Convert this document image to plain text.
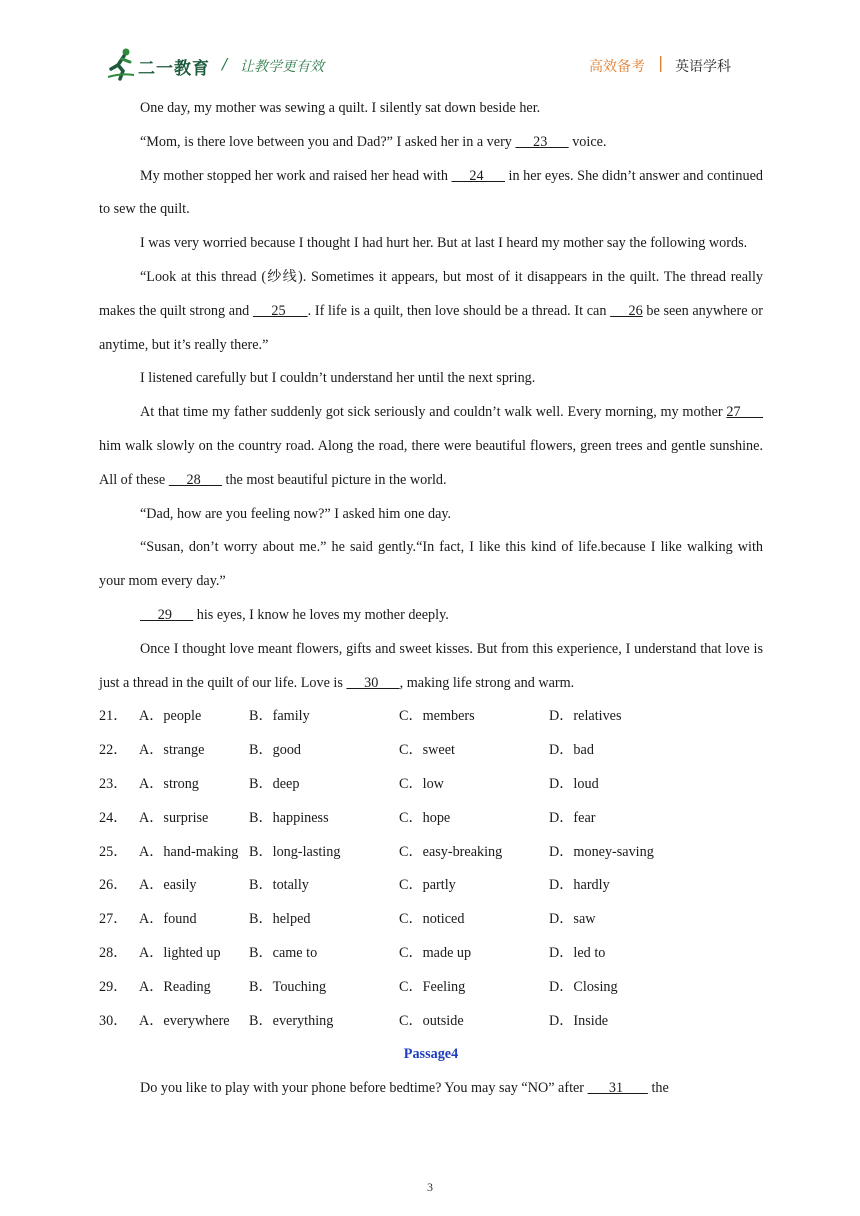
二一教育 / 让教学更有效	高效备考 | 英语学科

One day, my mother was sewing a quilt. I silently sat down beside her.

“Mom, is there love between you and Dad?” I asked her in a very      23       voice.

My mother stopped her work and raised her head with      24       in her eyes. She didn’t answer and continued to sew the quilt.

I was very worried because I thought I had hurt her. But at last I heard my mother say the following words.

“Look at this thread (纱线). Sometimes it appears, but most of it disappears in the quilt. The thread really makes the quilt strong and      25      . If life is a quilt, then love should be a thread. It can      26 be seen anywhere or anytime, but it’s really there.”

I listened carefully but I couldn’t understand her until the next spring.

At that time my father suddenly got sick seriously and couldn’t walk well. Every morning, my mother 27       him walk slowly on the country road. Along the road, there were beautiful flowers, green trees and gentle sunshine. All of these      28       the most beautiful picture in the world.

“Dad, how are you feeling now?” I asked him one day.

“Susan, don’t worry about me.” he said gently.“In fact, I like this kind of life.because I like walking with your mom every day.”

29       his eyes, I know he loves my mother deeply.

Once I thought love meant flowers, gifts and sweet kisses. But from this experience, I understand that love is just a thread in the quilt of our life. Love is      30      , making life strong and warm.

21． A．people	B．family	C．members	D．relatives
22． A．strange	B．good	C．sweet	D．bad
23． A．strong	B．deep	C．low	D．loud
24． A．surprise	B．happiness	C．hope	D．fear
25． A．hand-making B．long-lasting	C．easy-breaking	D．money-saving
26． A．easily	B．totally	C．partly	D．hardly
27． A．found	B．helped	C．noticed	D．saw
28． A．lighted up	B．came to	C．made up	D．led to
29． A．Reading	B．Touching	C．Feeling	D．Closing
30． A．everywhere	B．everything	C．outside	D．Inside
Passage4

Do you like to play with your phone before bedtime? You may say “NO” after       31        the

3
